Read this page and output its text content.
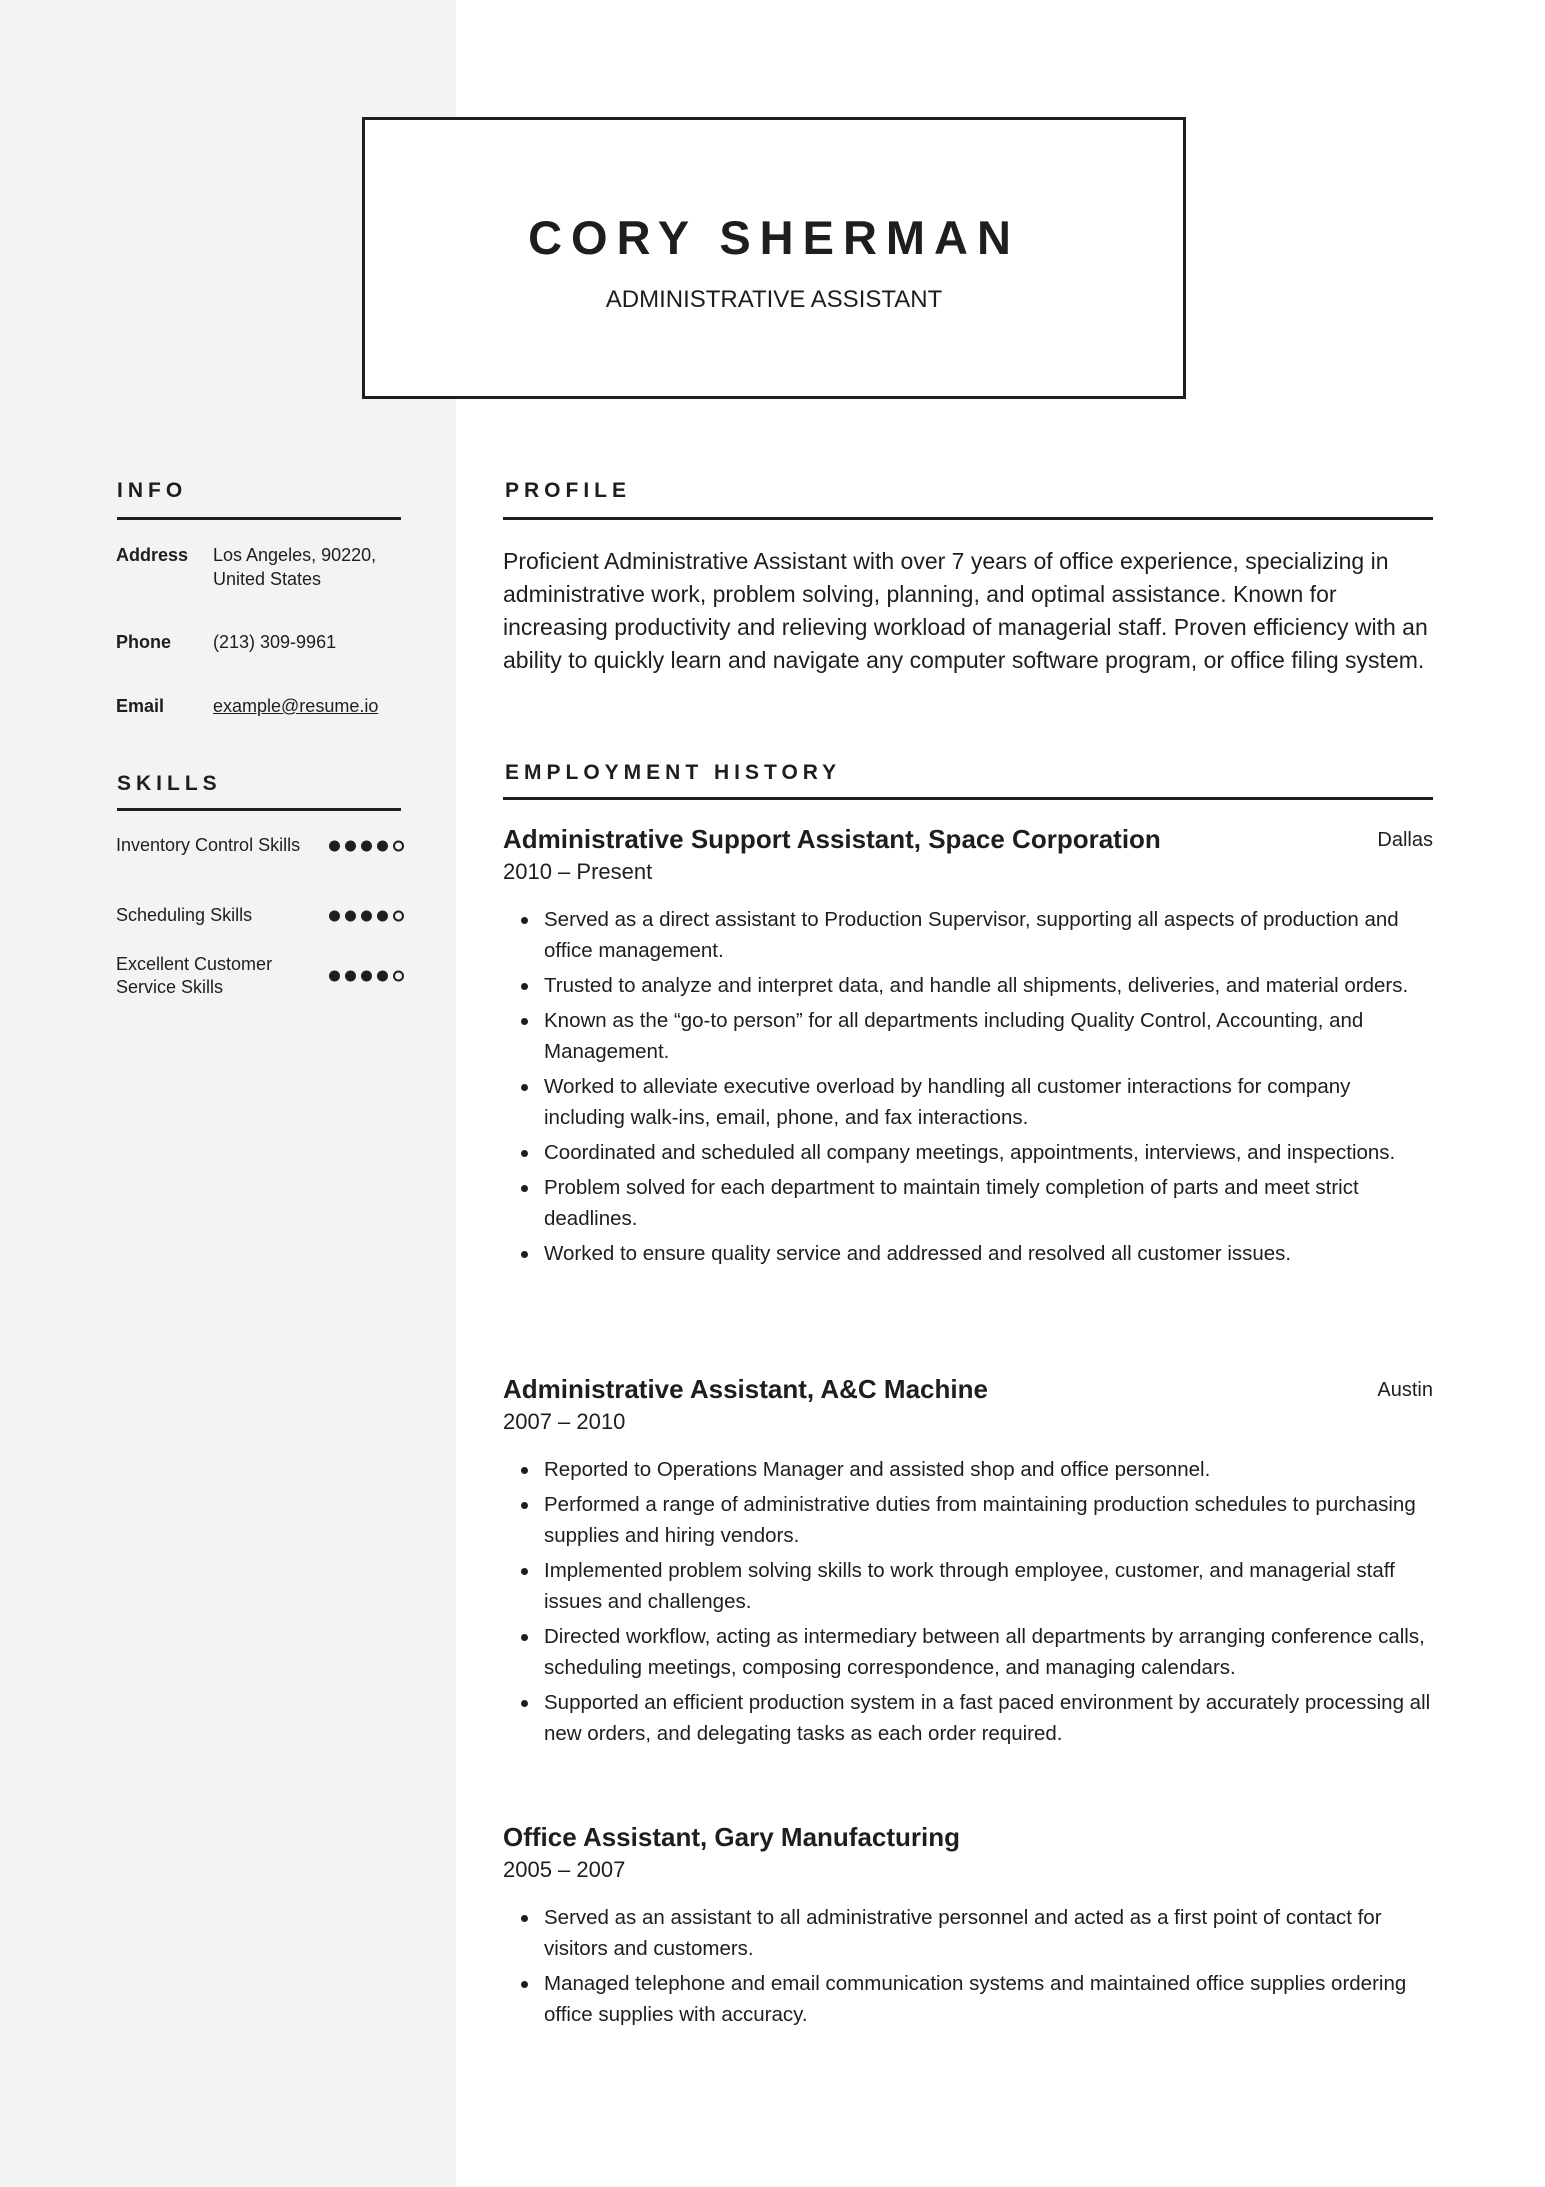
CORY SHERMAN
ADMINISTRATIVE ASSISTANT
INFO
Address Los Angeles, 90220, United States
Phone (213) 309-9961
Email	example@resume.io
SKILLS
Inventory Control Skills
Scheduling Skills
Excellent Customer Service Skills
PROFILE
Proficient Administrative Assistant with over 7 years of office experience, specializing in administrative work, problem solving, planning, and optimal assistance. Known for increasing productivity and relieving workload of managerial staff. Proven efficiency with an ability to quickly learn and navigate any computer software program, or office filing system.
EMPLOYMENT HISTORY
Administrative Support Assistant, Space Corporation	Dallas
2010 – Present
Served as a direct assistant to Production Supervisor, supporting all aspects of production and office management.
Trusted to analyze and interpret data, and handle all shipments, deliveries, and material orders.
Known as the “go-to person” for all departments including Quality Control, Accounting, and Management.
Worked to alleviate executive overload by handling all customer interactions for company including walk-ins, email, phone, and fax interactions.
Coordinated and scheduled all company meetings, appointments, interviews, and inspections.
Problem solved for each department to maintain timely completion of parts and meet strict deadlines.
Worked to ensure quality service and addressed and resolved all customer issues.
Administrative Assistant, A&C Machine	Austin
2007 – 2010
Reported to Operations Manager and assisted shop and office personnel.
Performed a range of administrative duties from maintaining production schedules to purchasing supplies and hiring vendors.
Implemented problem solving skills to work through employee, customer, and managerial staff issues and challenges.
Directed workflow, acting as intermediary between all departments by arranging conference calls, scheduling meetings, composing correspondence, and managing calendars.
Supported an efficient production system in a fast paced environment by accurately processing all new orders, and delegating tasks as each order required.
Office Assistant, Gary Manufacturing
2005 – 2007
Served as an assistant to all administrative personnel and acted as a first point of contact for visitors and customers.
Managed telephone and email communication systems and maintained office supplies ordering office supplies with accuracy.
